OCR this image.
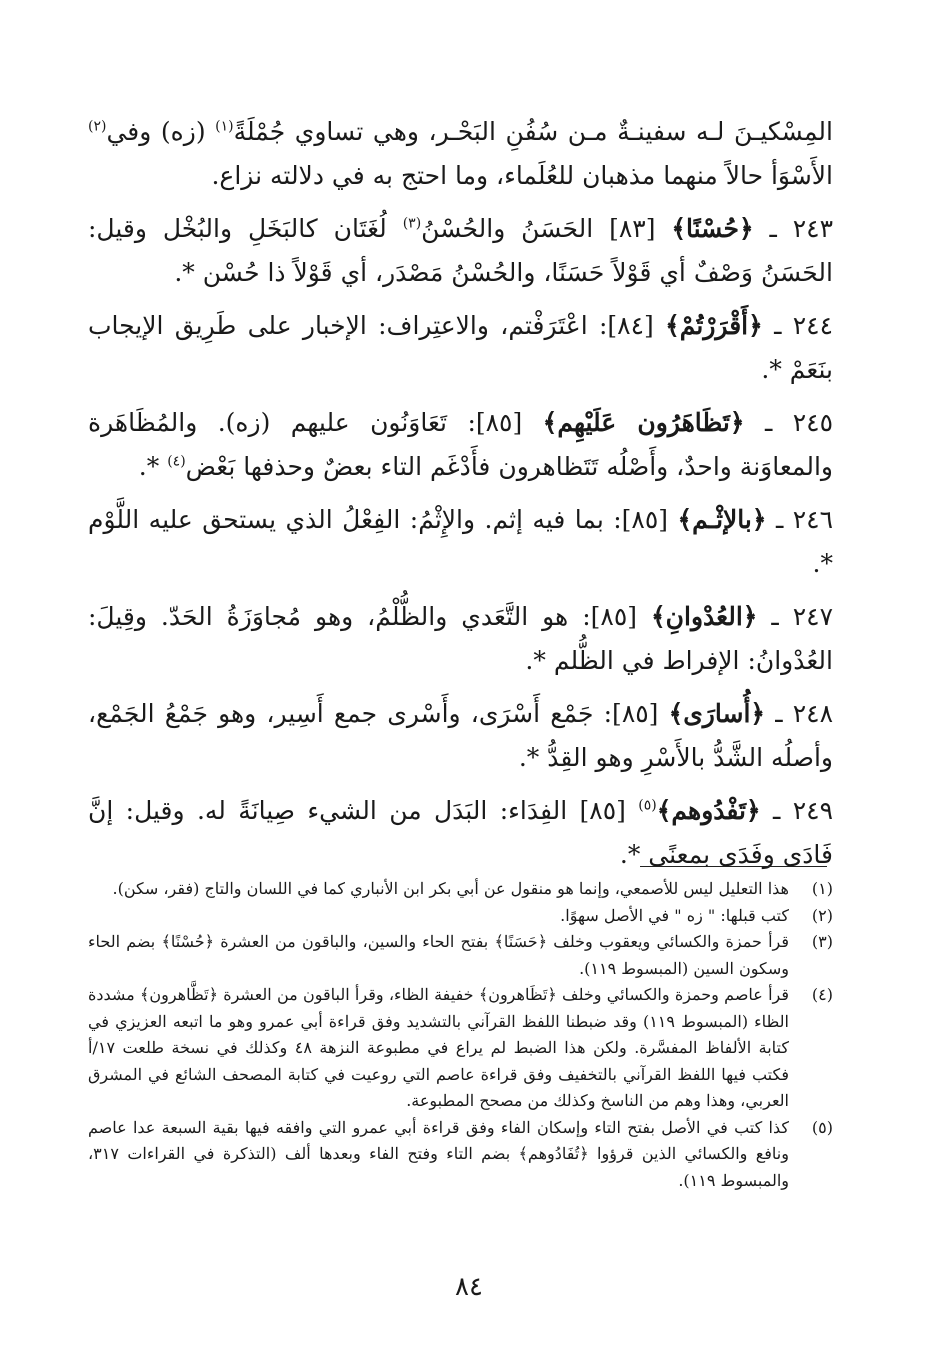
المِسْكيـنَ لـه سفينـةٌ مـن سُفُنِ البَحْـر، وهي تساوي جُمْلَةً$^{(١)}$ (زه) وفي$^{(٢)}$ الأَسْوَأ حالاً منهما مذهبان للعُلَماء، وما احتج به في دلالته نزاع.

٢٤٣ ـ ﴿حُسْنًا﴾ [٨٣] الحَسَنُ والحُسْنُ$^{(٣)}$ لُغَتَان كالبَخَلِ والبُخْل وقيل: الحَسَنُ وَصْفٌ أي قَوْلاً حَسَنًا، والحُسْنُ مَصْدَر، أي قَوْلاً ذا حُسْن *.

٢٤٤ ـ ﴿أَقْرَرْتُمْ﴾ [٨٤]: اعْتَرَفْتم، والاعتِراف: الإخبار على طَرِيق الإيجاب بنَعَمْ *.

٢٤٥ ـ ﴿تَظَاهَرُون عَلَيْهِم﴾ [٨٥]: تَعَاوَنُون عليهم (زه). والمُظَاهَرة والمعاوَنة واحدٌ، وأَصْلُه تَتَظاهرون فأَدْغَم التاء بعضٌ وحذفها بَعْض$^{(٤)}$ *.

٢٤٦ ـ ﴿بالإثْـم﴾ [٨٥]: بما فيه إثم. والإِثْمُ: الفِعْلُ الذي يستحق عليه اللَّوْم *.

٢٤٧ ـ ﴿العُدْوانِ﴾ [٨٥]: هو التَّعَدي والظُّلْمُ، وهو مُجاوَزَةُ الحَدّ. وقِيلَ: العُدْوانُ: الإفراط في الظُّلم *.

٢٤٨ ـ ﴿أُسارَى﴾ [٨٥]: جَمْع أَسْرَى، وأَسْرى جمع أَسِير، وهو جَمْعُ الجَمْع، وأصلُه الشَّدُّ بالأَسْرِ وهو القِدُّ *.

٢٤٩ ـ ﴿تَفْدُوهم﴾$^{(٥)}$ [٨٥] الفِدَاء: البَدَل من الشيء صِيانَةً له. وقيل: إنَّ فَادَى وفَدَى بمعنًى *.

(١)
هذا التعليل ليس للأصمعي، وإنما هو منقول عن أبي بكر ابن الأنباري كما في اللسان والتاج (فقر، سكن).
(٢)
كتب قبلها: " زه " في الأصل سهوًا.
(٣)
قرأ حمزة والكسائي ويعقوب وخلف ﴿حَسَنًا﴾ بفتح الحاء والسين، والباقون من العشرة ﴿حُسْنًا﴾ بضم الحاء وسكون السين (المبسوط ١١٩).
(٤)
قرأ عاصم وحمزة والكسائي وخلف ﴿تَظَاهرون﴾ خفيفة الظاء، وقرأ الباقون من العشرة ﴿تَظَّاهرون﴾ مشددة الظاء (المبسوط ١١٩) وقد ضبطنا اللفظ القرآني بالتشديد وفق قراءة أبي عمرو وهو ما اتبعه العزيزي في كتابة الألفاظ المفسَّرة. ولكن هذا الضبط لم يراع في مطبوعة النزهة ٤٨ وكذلك في نسخة طلعت ١٧/أ فكتب فيها اللفظ القرآني بالتخفيف وفق قراءة عاصم التي روعيت في كتابة المصحف الشائع في المشرق العربي، وهذا وهم من الناسخ وكذلك من مصحح المطبوعة.
(٥)
كذا كتب في الأصل بفتح التاء وإسكان الفاء وفق قراءة أبي عمرو التي وافقه فيها بقية السبعة عدا عاصم ونافع والكسائي الذين قرؤوا ﴿تُفَادُوهم﴾ بضم التاء وفتح الفاء وبعدها ألف (التذكرة في القراءات ٣١٧، والمبسوط ١١٩).
٨٤
